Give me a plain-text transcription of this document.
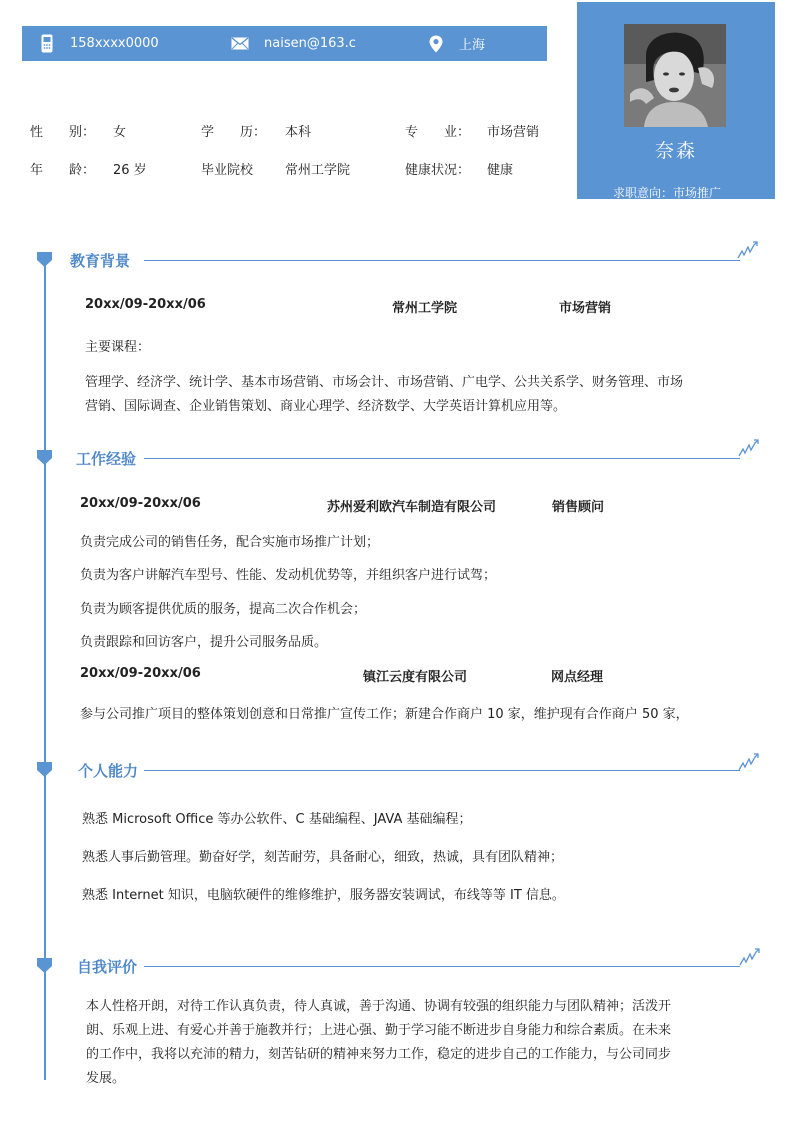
158xxxx0000	naisen@163.c	上海
奈森
求职意向：市场推广
性　　别： 女	学　　历： 本科	专　　业： 市场营销
年　　龄： 26 岁	毕业院校 常州工学院	健康状况： 健康
教育背景
20xx/09-20xx/06	常州工学院	市场营销
主要课程：
管理学、经济学、统计学、基本市场营销、市场会计、市场营销、广电学、公共关系学、财务管理、市场
营销、国际调查、企业销售策划、商业心理学、经济数学、大学英语计算机应用等。
工作经验
20xx/09-20xx/06	苏州爱利欧汽车制造有限公司	销售顾问
负责完成公司的销售任务，配合实施市场推广计划；
负责为客户讲解汽车型号、性能、发动机优势等，并组织客户进行试驾；
负责为顾客提供优质的服务，提高二次合作机会；
负责跟踪和回访客户，提升公司服务品质。
20xx/09-20xx/06	镇江云度有限公司	网点经理
参与公司推广项目的整体策划创意和日常推广宣传工作；新建合作商户 10 家，维护现有合作商户 50 家，
个人能力
熟悉 Microsoft Office 等办公软件、C 基础编程、JAVA 基础编程；
熟悉人事后勤管理。勤奋好学，刻苦耐劳，具备耐心，细致，热诚，具有团队精神；
熟悉 Internet 知识，电脑软硬件的维修维护，服务器安装调试，布线等等 IT 信息。
自我评价
本人性格开朗，对待工作认真负责，待人真诚，善于沟通、协调有较强的组织能力与团队精神；活泼开
朗、乐观上进、有爱心并善于施教并行；上进心强、勤于学习能不断进步自身能力和综合素质。在未来
的工作中，我将以充沛的精力，刻苦钻研的精神来努力工作，稳定的进步自己的工作能力，与公司同步
发展。
